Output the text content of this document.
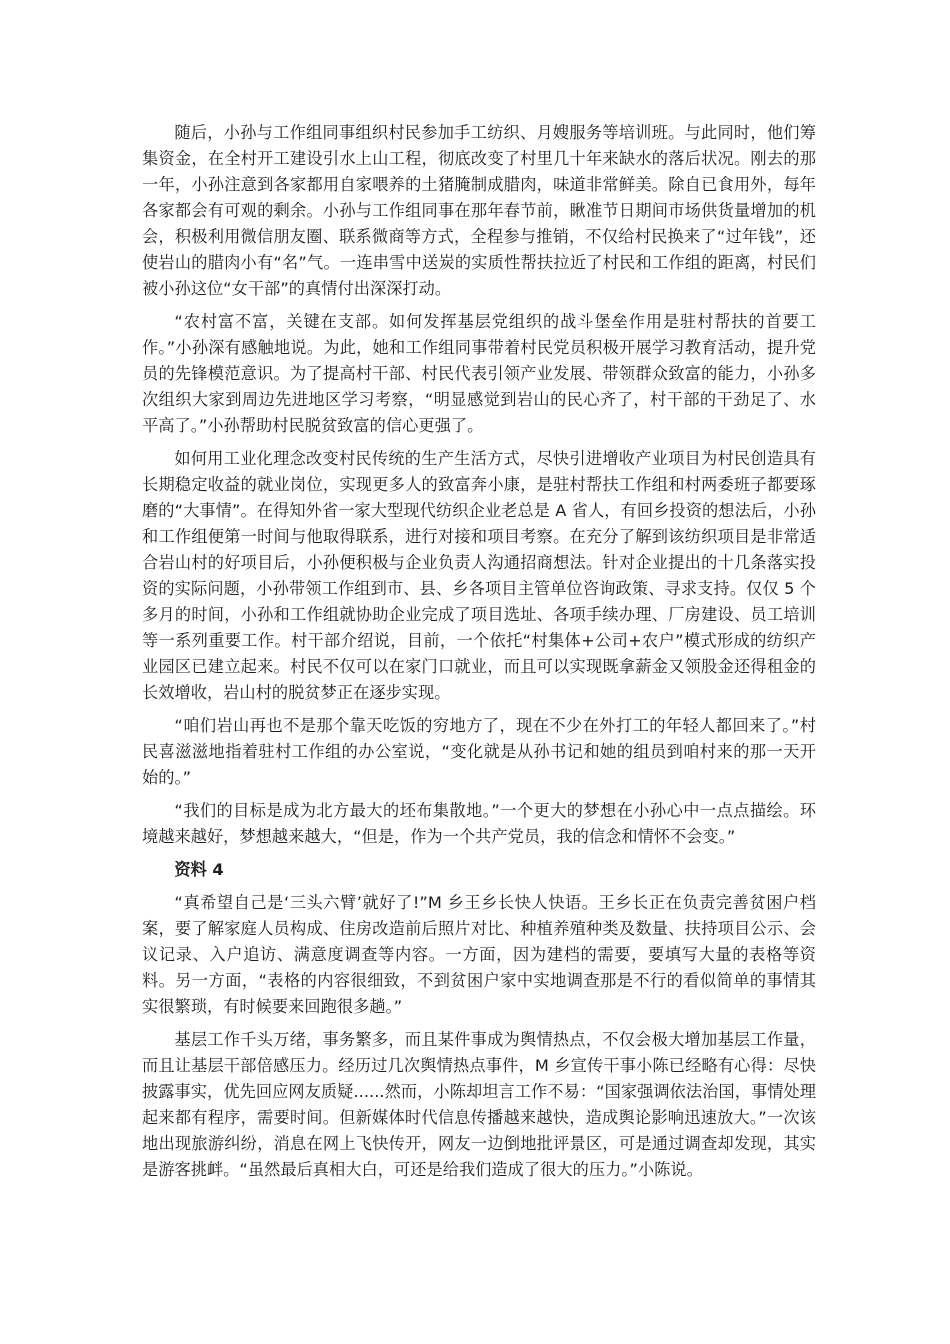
随后，小孙与工作组同事组织村民参加手工纺织、月嫂服务等培训班。与此同时，他们筹集资金，在全村开工建设引水上山工程，彻底改变了村里几十年来缺水的落后状况。刚去的那一年，小孙注意到各家都用自家喂养的土猪腌制成腊肉，味道非常鲜美。除自已食用外，每年各家都会有可观的剩余。小孙与工作组同事在那年春节前，瞅准节日期间市场供货量增加的机会，积极利用微信朋友圈、联系微商等方式，全程参与推销，不仅给村民换来了“过年钱”，还使岩山的腊肉小有“名”气。一连串雪中送炭的实质性帮扶拉近了村民和工作组的距离，村民们被小孙这位“女干部”的真情付出深深打动。

“农村富不富，关键在支部。如何发挥基层党组织的战斗堡垒作用是驻村帮扶的首要工作。”小孙深有感触地说。为此，她和工作组同事带着村民党员积极开展学习教育活动，提升党员的先锋模范意识。为了提高村干部、村民代表引领产业发展、带领群众致富的能力，小孙多次组织大家到周边先进地区学习考察，“明显感觉到岩山的民心齐了，村干部的干劲足了、水平高了。”小孙帮助村民脱贫致富的信心更强了。

如何用工业化理念改变村民传统的生产生活方式，尽快引进增收产业项目为村民创造具有长期稳定收益的就业岗位，实现更多人的致富奔小康，是驻村帮扶工作组和村两委班子都要琢磨的“大事情”。在得知外省一家大型现代纺织企业老总是 A 省人，有回乡投资的想法后，小孙和工作组便第一时间与他取得联系，进行对接和项目考察。在充分了解到该纺织项目是非常适合岩山村的好项目后，小孙便积极与企业负责人沟通招商想法。针对企业提出的十几条落实投资的实际问题，小孙带领工作组到市、县、乡各项目主管单位咨询政策、寻求支持。仅仅 5 个多月的时间，小孙和工作组就协助企业完成了项目选址、各项手续办理、厂房建设、员工培训等一系列重要工作。村干部介绍说，目前，一个依托“村集体+公司+农户”模式形成的纺织产业园区已建立起来。村民不仅可以在家门口就业，而且可以实现既拿薪金又领股金还得租金的长效增收，岩山村的脱贫梦正在逐步实现。

“咱们岩山再也不是那个靠天吃饭的穷地方了，现在不少在外打工的年轻人都回来了。”村民喜滋滋地指着驻村工作组的办公室说，“变化就是从孙书记和她的组员到咱村来的那一天开始的。”

“我们的目标是成为北方最大的坯布集散地。”一个更大的梦想在小孙心中一点点描绘。环境越来越好，梦想越来越大，“但是，作为一个共产党员，我的信念和情怀不会变。”

资料 4

“真希望自己是‘三头六臂’就好了!”M 乡王乡长快人快语。王乡长正在负责完善贫困户档案，要了解家庭人员构成、住房改造前后照片对比、种植养殖种类及数量、扶持项目公示、会议记录、入户追访、满意度调查等内容。一方面，因为建档的需要，要填写大量的表格等资料。另一方面，“表格的内容很细致，不到贫困户家中实地调查那是不行的看似简单的事情其实很繁琐，有时候要来回跑很多趟。”

基层工作千头万绪，事务繁多，而且某件事成为舆情热点，不仅会极大增加基层工作量，而且让基层干部倍感压力。经历过几次舆情热点事件，M 乡宣传干事小陈已经略有心得：尽快披露事实，优先回应网友质疑......然而，小陈却坦言工作不易：“国家强调依法治国，事情处理起来都有程序，需要时间。但新媒体时代信息传播越来越快，造成舆论影响迅速放大。”一次该地出现旅游纠纷，消息在网上飞快传开，网友一边倒地批评景区，可是通过调查却发现，其实是游客挑衅。“虽然最后真相大白，可还是给我们造成了很大的压力。”小陈说。
